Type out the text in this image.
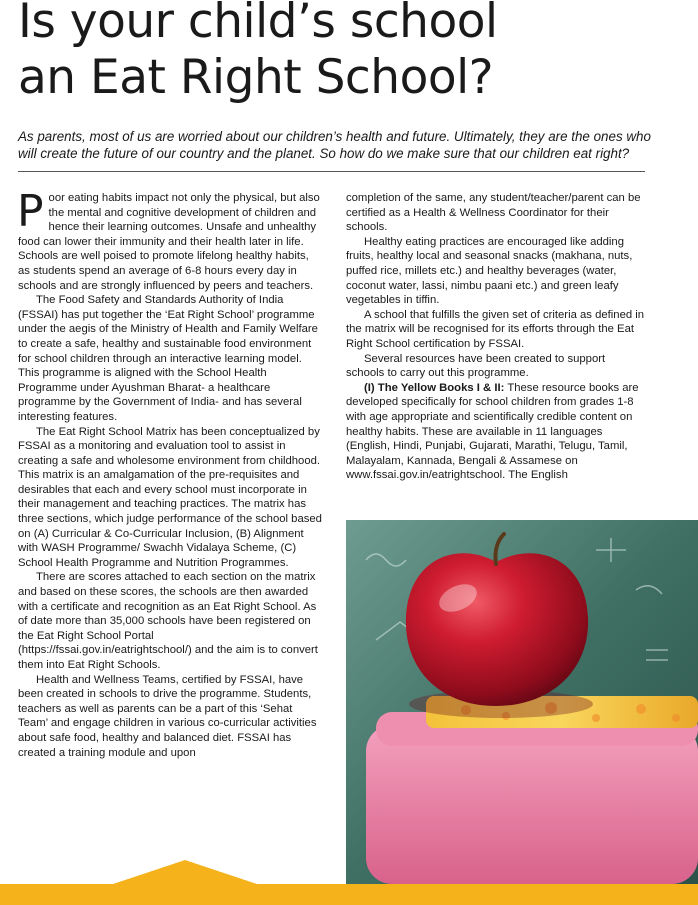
Is your child’s school
an Eat Right School?

As parents, most of us are worried about our children’s health and future. Ultimately, they are the ones who
will create the future of our country and the planet. So how do we make sure that our children eat right?

Poor eating habits impact not only the physical, but also the mental and cognitive development of children and hence their learning outcomes. Unsafe and unhealthy food can lower their immunity and their health later in life. Schools are well poised to promote lifelong healthy habits, as students spend an average of 6-8 hours every day in schools and are strongly influenced by peers and teachers.

The Food Safety and Standards Authority of India (FSSAI) has put together the ‘Eat Right School’ programme under the aegis of the Ministry of Health and Family Welfare to create a safe, healthy and sustainable food environment for school children through an interactive learning model. This programme is aligned with the School Health Programme under Ayushman Bharat- a healthcare programme by the Government of India- and has several interesting features.

The Eat Right School Matrix has been conceptualized by FSSAI as a monitoring and evaluation tool to assist in creating a safe and wholesome environment from childhood. This matrix is an amalgamation of the pre-requisites and desirables that each and every school must incorporate in their management and teaching practices. The matrix has three sections, which judge performance of the school based on (A) Curricular & Co-Curricular Inclusion, (B) Alignment with WASH Programme/ Swachh Vidalaya Scheme, (C) School Health Programme and Nutrition Programmes.

There are scores attached to each section on the matrix and based on these scores, the schools are then awarded with a certificate and recognition as an Eat Right School. As of date more than 35,000 schools have been registered on the Eat Right School Portal (https://fssai.gov.in/eatrightschool/) and the aim is to convert them into Eat Right Schools.

Health and Wellness Teams, certified by FSSAI, have been created in schools to drive the programme. Students, teachers as well as parents can be a part of this ‘Sehat Team’ and engage children in various co-curricular activities about safe food, healthy and balanced diet. FSSAI has created a training module and upon

completion of the same, any student/teacher/parent can be certified as a Health & Wellness Coordinator for their schools.

Healthy eating practices are encouraged like adding fruits, healthy local and seasonal snacks (makhana, nuts, puffed rice, millets etc.) and healthy beverages (water, coconut water, lassi, nimbu paani etc.) and green leafy vegetables in tiffin.

A school that fulfills the given set of criteria as defined in the matrix will be recognised for its efforts through the Eat Right School certification by FSSAI.

Several resources have been created to support schools to carry out this programme.

(I) The Yellow Books I & II: These resource books are developed specifically for school children from grades 1-8 with age appropriate and scientifically credible content on healthy habits. These are available in 11 languages (English, Hindi, Punjabi, Gujarati, Marathi, Telugu, Tamil, Malayalam, Kannada, Bengali & Assamese on www.fssai.gov.in/eatrightschool. The English
